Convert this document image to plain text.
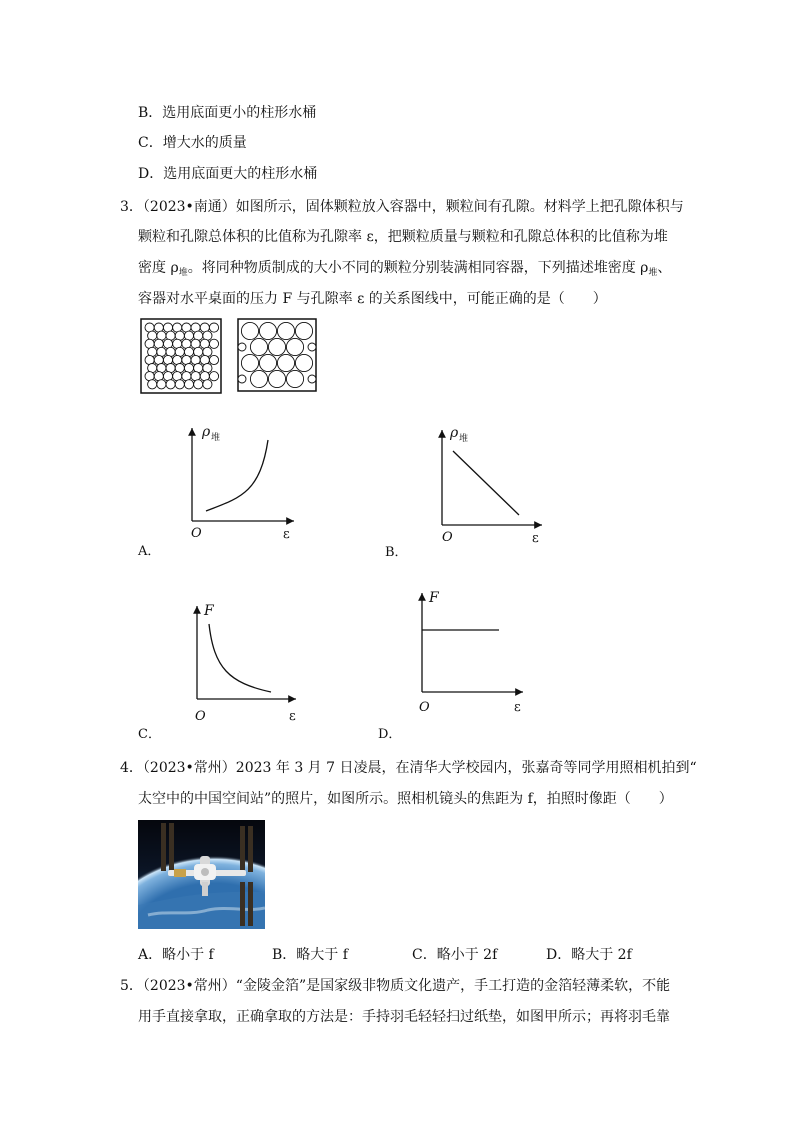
B．选用底面更小的柱形水桶
C．增大水的质量
D．选用底面更大的柱形水桶
3．（2023•南通）如图所示，固体颗粒放入容器中，颗粒间有孔隙。材料学上把孔隙体积与
颗粒和孔隙总体积的比值称为孔隙率 ε，把颗粒质量与颗粒和孔隙总体积的比值称为堆
密度 $\rho_堆$。将同种物质制成的大小不同的颗粒分别装满相同容器，下列描述堆密度 $\rho_堆$、
容器对水平桌面的压力 F 与孔隙率 ε 的关系图线中，可能正确的是（　　）
ρ 堆
O	ε
A．
ρ 堆
O	ε
B．
F
O	ε
C．
F
O	ε
D．
4．（2023•常州）2023 年 3 月 7 日凌晨，在清华大学校园内，张嘉奇等同学用照相机拍到“
太空中的中国空间站”的照片，如图所示。照相机镜头的焦距为 f，拍照时像距（　　）
A．略小于 f	B．略大于 f	C．略小于 2f	D．略大于 2f
5．（2023•常州）“金陵金箔”是国家级非物质文化遗产，手工打造的金箔轻薄柔软，不能
用手直接拿取，正确拿取的方法是：手持羽毛轻轻扫过纸垫，如图甲所示；再将羽毛靠
